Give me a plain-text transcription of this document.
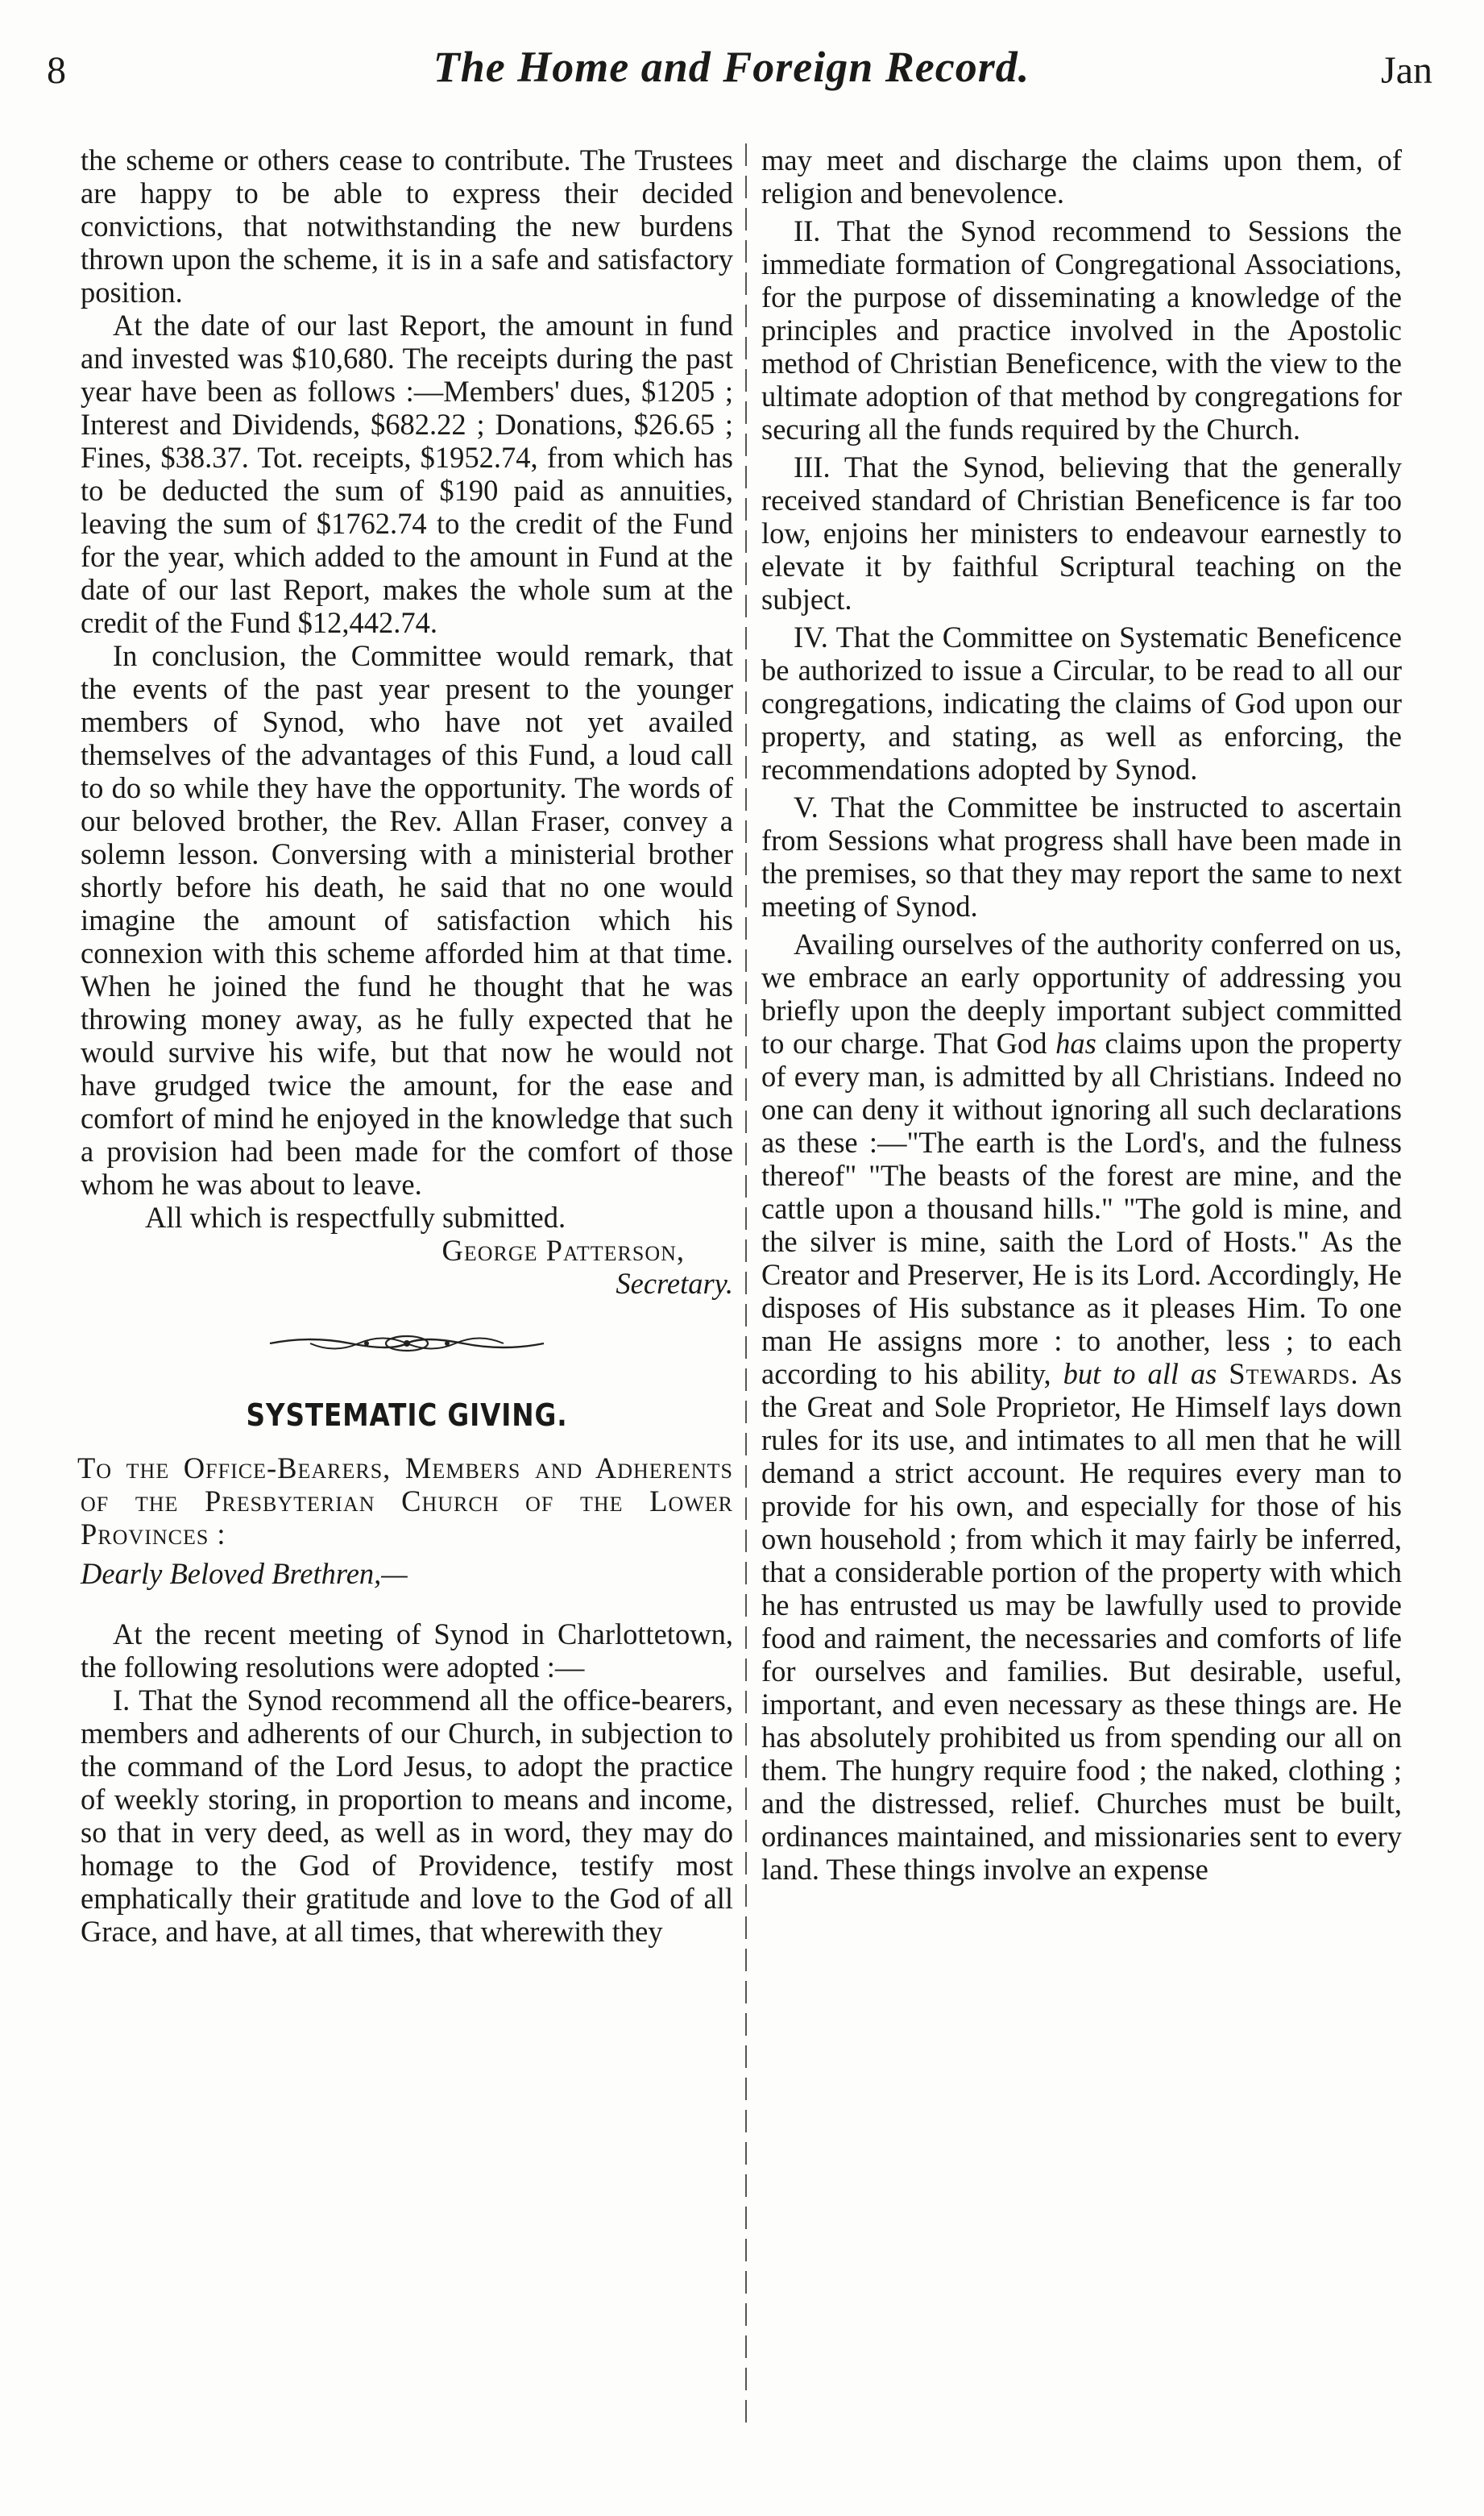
8	The Home and Foreign Record.	Jan

the scheme or others cease to contribute. The Trustees are happy to be able to express their decided convictions, that notwithstanding the new burdens thrown upon the scheme, it is in a safe and satisfactory position.

At the date of our last Report, the amount in fund and invested was $10,680. The receipts during the past year have been as follows :—Members' dues, $1205 ; Interest and Dividends, $682.22 ; Donations, $26.65 ; Fines, $38.37. Tot. receipts, $1952.74, from which has to be deducted the sum of $190 paid as annuities, leaving the sum of $1762.74 to the credit of the Fund for the year, which added to the amount in Fund at the date of our last Report, makes the whole sum at the credit of the Fund $12,442.74.

In conclusion, the Committee would remark, that the events of the past year present to the younger members of Synod, who have not yet availed themselves of the advantages of this Fund, a loud call to do so while they have the opportunity. The words of our beloved brother, the Rev. Allan Fraser, convey a solemn lesson. Conversing with a ministerial brother shortly before his death, he said that no one would imagine the amount of satisfaction which his connexion with this scheme afforded him at that time. When he joined the fund he thought that he was throwing money away, as he fully expected that he would survive his wife, but that now he would not have grudged twice the amount, for the ease and comfort of mind he enjoyed in the knowledge that such a provision had been made for the comfort of those whom he was about to leave.

All which is respectfully submitted.

George Patterson,
Secretary.
SYSTEMATIC GIVING.

To the Office-Bearers, Members and Adherents of the Presbyterian Church of the Lower Provinces :

Dearly Beloved Brethren,—

At the recent meeting of Synod in Charlottetown, the following resolutions were adopted :—

I. That the Synod recommend all the office-bearers, members and adherents of our Church, in subjection to the command of the Lord Jesus, to adopt the practice of weekly storing, in proportion to means and income, so that in very deed, as well as in word, they may do homage to the God of Providence, testify most emphatically their gratitude and love to the God of all Grace, and have, at all times, that wherewith they

may meet and discharge the claims upon them, of religion and benevolence.

II. That the Synod recommend to Sessions the immediate formation of Congregational Associations, for the purpose of disseminating a knowledge of the principles and practice involved in the Apostolic method of Christian Beneficence, with the view to the ultimate adoption of that method by congregations for securing all the funds required by the Church.

III. That the Synod, believing that the generally received standard of Christian Beneficence is far too low, enjoins her ministers to endeavour earnestly to elevate it by faithful Scriptural teaching on the subject.

IV. That the Committee on Systematic Beneficence be authorized to issue a Circular, to be read to all our congregations, indicating the claims of God upon our property, and stating, as well as enforcing, the recommendations adopted by Synod.

V. That the Committee be instructed to ascertain from Sessions what progress shall have been made in the premises, so that they may report the same to next meeting of Synod.

Availing ourselves of the authority conferred on us, we embrace an early opportunity of addressing you briefly upon the deeply important subject committed to our charge. That God has claims upon the property of every man, is admitted by all Christians. Indeed no one can deny it without ignoring all such declarations as these :—"The earth is the Lord's, and the fulness thereof" "The beasts of the forest are mine, and the cattle upon a thousand hills." "The gold is mine, and the silver is mine, saith the Lord of Hosts." As the Creator and Preserver, He is its Lord. Accordingly, He disposes of His substance as it pleases Him. To one man He assigns more : to another, less ; to each according to his ability, but to all as Stewards. As the Great and Sole Proprietor, He Himself lays down rules for its use, and intimates to all men that he will demand a strict account. He requires every man to provide for his own, and especially for those of his own household ; from which it may fairly be inferred, that a considerable portion of the property with which he has entrusted us may be lawfully used to provide food and raiment, the necessaries and comforts of life for ourselves and families. But desirable, useful, important, and even necessary as these things are. He has absolutely prohibited us from spending our all on them. The hungry require food ; the naked, clothing ; and the distressed, relief. Churches must be built, ordinances maintained, and missionaries sent to every land. These things involve an expense
